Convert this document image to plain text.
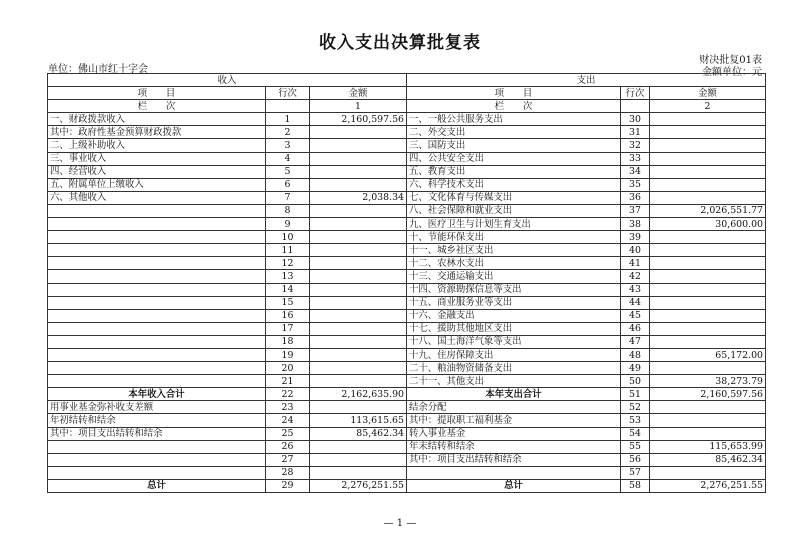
收入支出决算批复表
单位：佛山市红十字会
财决批复01表
金额单位：元
收入			支出		
项　　目	行次	金额	项　　目	行次	金额
栏　　次		1	栏　　次		2
一、财政拨款收入	1	2,160,597.56	一、一般公共服务支出	30	
其中：政府性基金预算财政拨款	2		二、外交支出	31	
二、上级补助收入	3		三、国防支出	32	
三、事业收入	4		四、公共安全支出	33	
四、经营收入	5		五、教育支出	34	
五、附属单位上缴收入	6		六、科学技术支出	35	
六、其他收入	7	2,038.34	七、文化体育与传媒支出	36	
	8		八、社会保障和就业支出	37	2,026,551.77
	9		九、医疗卫生与计划生育支出	38	30,600.00
	10		十、节能环保支出	39	
	11		十一、城乡社区支出	40	
	12		十二、农林水支出	41	
	13		十三、交通运输支出	42	
	14		十四、资源勘探信息等支出	43	
	15		十五、商业服务业等支出	44	
	16		十六、金融支出	45	
	17		十七、援助其他地区支出	46	
	18		十八、国土海洋气象等支出	47	
	19		十九、住房保障支出	48	65,172.00
	20		二十、粮油物资储备支出	49	
	21		二十一、其他支出	50	38,273.79
本年收入合计	22	2,162,635.90	本年支出合计	51	2,160,597.56
用事业基金弥补收支差额	23		结余分配	52	
年初结转和结余	24	113,615.65	其中：提取职工福利基金	53	
其中：项目支出结转和结余	25	85,462.34	转入事业基金	54	
	26		年末结转和结余	55	115,653.99
	27		其中：项目支出结转和结余	56	85,462.34
	28			57	
总计	29	2,276,251.55	总计	58	2,276,251.55
— 1 —
